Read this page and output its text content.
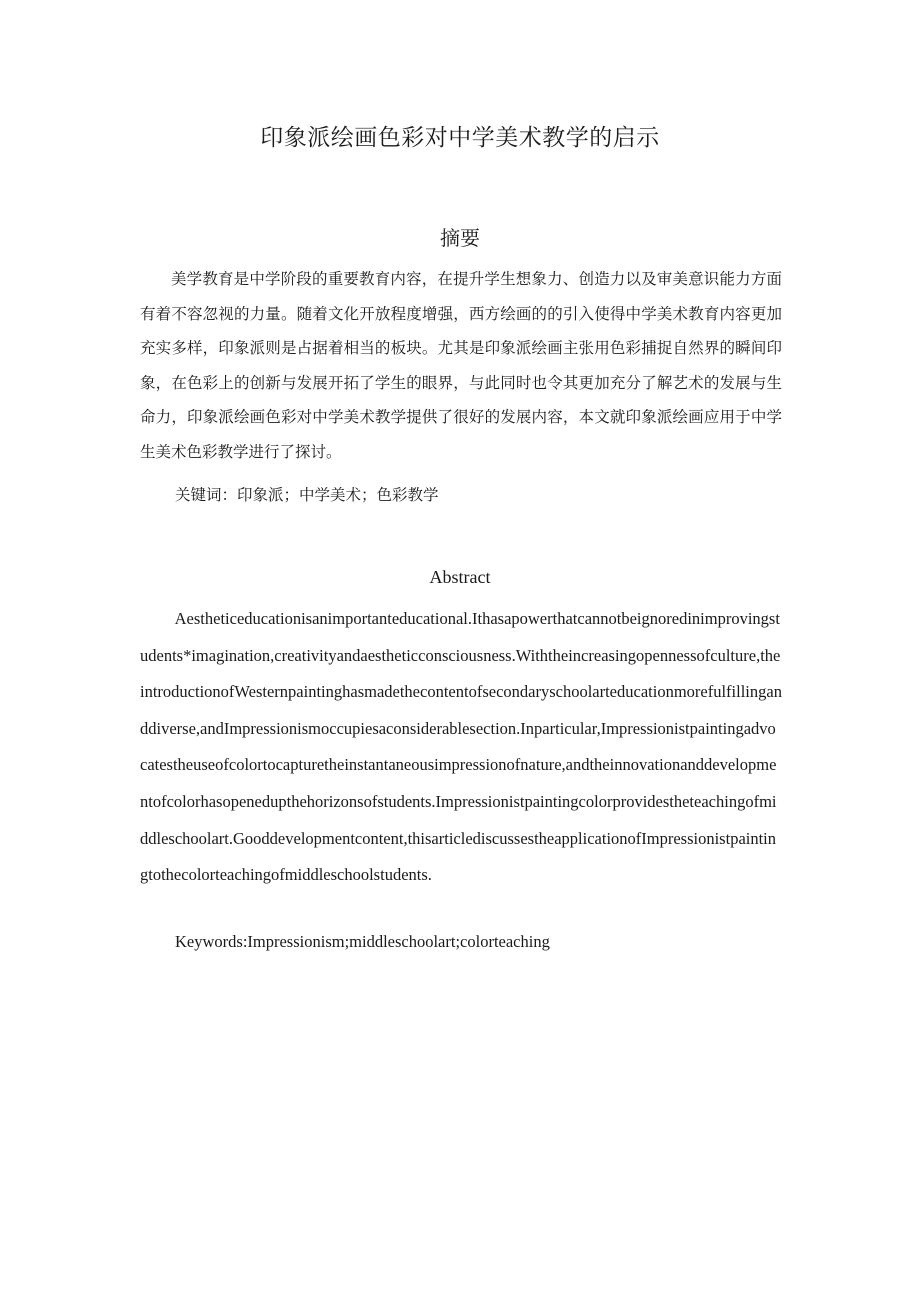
印象派绘画色彩对中学美术教学的启示
摘要

美学教育是中学阶段的重要教育内容，在提升学生想象力、创造力以及审美意识能力方面有着不容忽视的力量。随着文化开放程度增强，西方绘画的的引入使得中学美术教育内容更加充实多样，印象派则是占据着相当的板块。尤其是印象派绘画主张用色彩捕捉自然界的瞬间印象，在色彩上的创新与发展开拓了学生的眼界，与此同时也令其更加充分了解艺术的发展与生命力，印象派绘画色彩对中学美术教学提供了很好的发展内容，本文就印象派绘画应用于中学生美术色彩教学进行了探讨。

关键词：印象派；中学美术；色彩教学

Abstract

Aestheticeducationisanimportanteducational.Ithasapowerthatcannotbeignoredinimprovingstudents*imagination,creativityandaestheticconsciousness.Withtheincreasingopennessofculture,theintroductionofWesternpaintinghasmadethecontentofsecondaryschoolarteducationmorefulfillinganddiverse,andImpressionismoccupiesaconsiderablesection.Inparticular,Impressionistpaintingadvocatestheuseofcolortocapturetheinstantaneousimpressionofnature,andtheinnovationanddevelopmentofcolorhasopenedupthehorizonsofstudents.Impressionistpaintingcolorprovidestheteachingofmiddleschoolart.Gooddevelopmentcontent,thisarticlediscussestheapplicationofImpressionistpaintingtothecolorteachingofmiddleschoolstudents.

Keywords:Impressionism;middleschoolart;colorteaching
